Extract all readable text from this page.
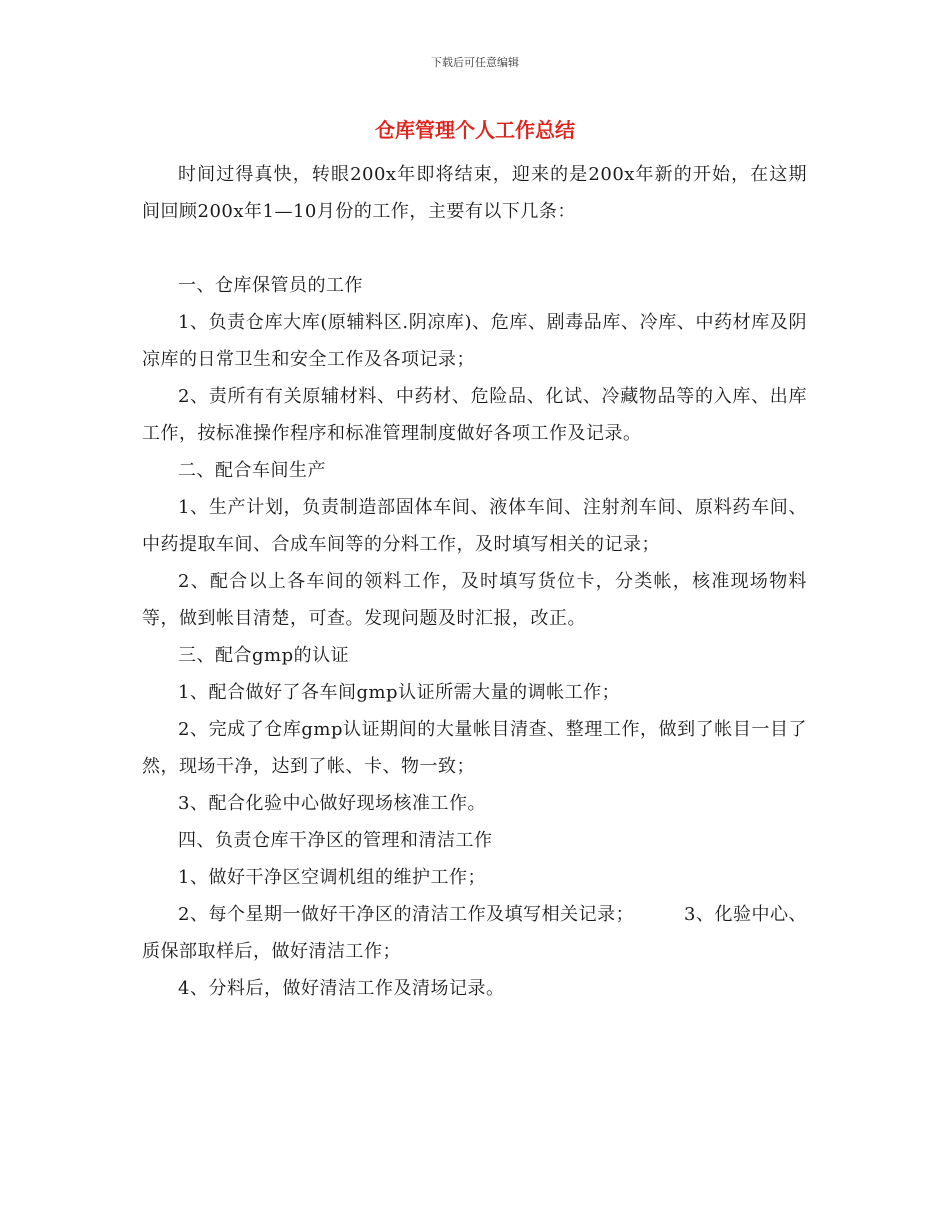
下载后可任意编辑
仓库管理个人工作总结

时间过得真快，转眼200x年即将结束，迎来的是200x年新的开始，在这期间回顾200x年1—10月份的工作，主要有以下几条：

一、仓库保管员的工作

1、负责仓库大库(原辅料区.阴凉库)、危库、剧毒品库、冷库、中药材库及阴凉库的日常卫生和安全工作及各项记录；

2、责所有有关原辅材料、中药材、危险品、化试、冷藏物品等的入库、出库工作，按标准操作程序和标准管理制度做好各项工作及记录。

二、配合车间生产

1、生产计划，负责制造部固体车间、液体车间、注射剂车间、原料药车间、中药提取车间、合成车间等的分料工作，及时填写相关的记录；

2、配合以上各车间的领料工作，及时填写货位卡，分类帐，核准现场物料等，做到帐目清楚，可查。发现问题及时汇报，改正。

三、配合gmp的认证

1、配合做好了各车间gmp认证所需大量的调帐工作；

2、完成了仓库gmp认证期间的大量帐目清查、整理工作，做到了帐目一目了然，现场干净，达到了帐、卡、物一致；

3、配合化验中心做好现场核准工作。

四、负责仓库干净区的管理和清洁工作

1、做好干净区空调机组的维护工作；

2、每个星期一做好干净区的清洁工作及填写相关记录；        3、化验中心、质保部取样后，做好清洁工作；

4、分料后，做好清洁工作及清场记录。
